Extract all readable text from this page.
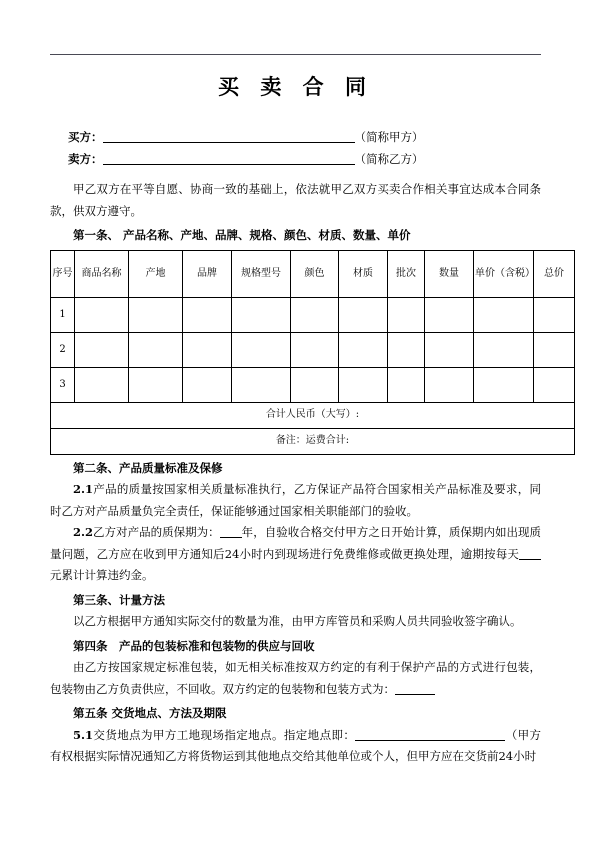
买 卖 合 同
买方：	（简称甲方）
卖方：	（简称乙方）

甲乙双方在平等自愿、协商一致的基础上，依法就甲乙双方买卖合作相关事宜达成本合同条款，供双方遵守。

第一条、 产品名称、产地、品牌、规格、颜色、材质、数量、单价

序号	商品名称	产地	品牌	规格型号	颜色	材质	批次	数量	单价（含税）	总价
1										
2										
3										
合计人民币（大写）:										
备注：运费合计:										

第二条、产品质量标准及保修

2.1产品的质量按国家相关质量标准执行，乙方保证产品符合国家相关产品标准及要求，同时乙方对产品质量负完全责任，保证能够通过国家相关职能部门的验收。

2.2乙方对产品的质保期为： 年，自验收合格交付甲方之日开始计算，质保期内如出现质量问题，乙方应在收到甲方通知后24小时内到现场进行免费维修或做更换处理，逾期按每天元累计计算违约金。

第三条、计量方法

以乙方根据甲方通知实际交付的数量为准，由甲方库管员和采购人员共同验收签字确认。

第四条　产品的包装标准和包装物的供应与回收

由乙方按国家规定标准包装，如无相关标准按双方约定的有利于保护产品的方式进行包装，包装物由乙方负责供应，不回收。双方约定的包装物和包装方式为：

第五条 交货地点、方法及期限

5.1交货地点为甲方工地现场指定地点。指定地点即：	（甲方有权根据实际情况通知乙方将货物运到其他地点交给其他单位或个人，但甲方应在交货前24小时
